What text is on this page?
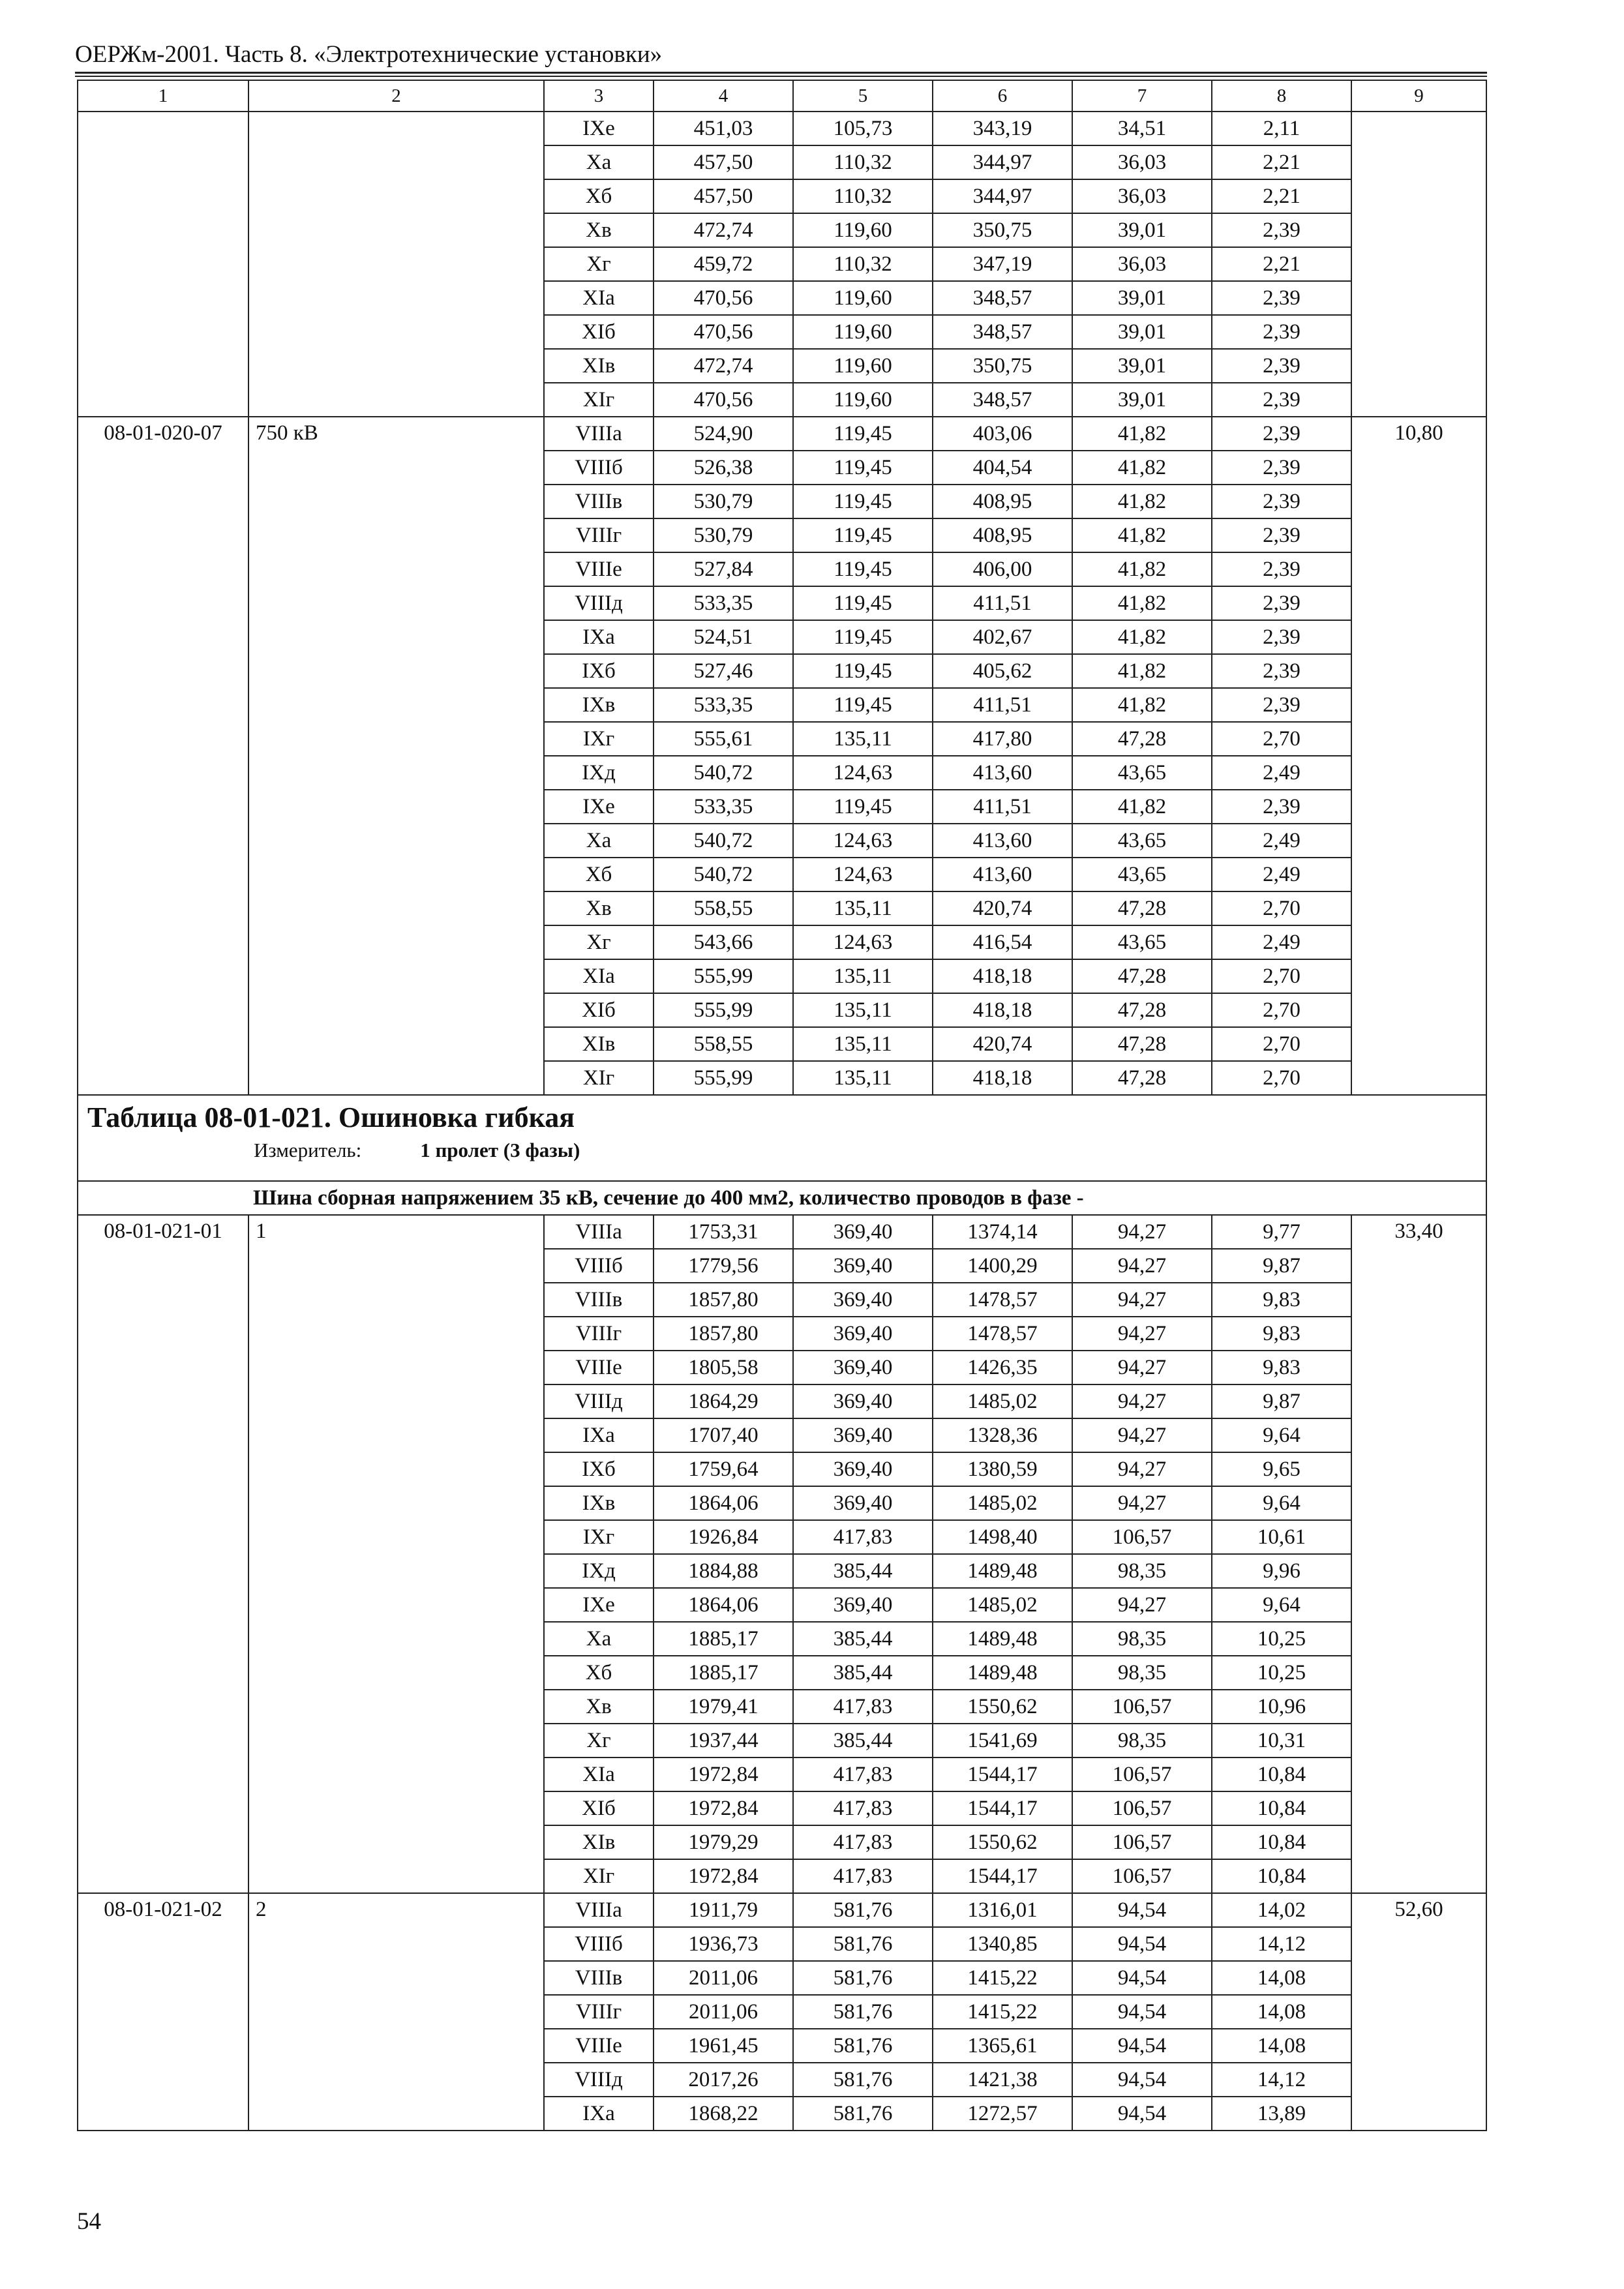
ОЕРЖм-2001. Часть 8. «Электротехнические установки»
1	2	3	4	5	6	7	8	9
		IXe	451,03	105,73	343,19	34,51	2,11	
		Xa	457,50	110,32	344,97	36,03	2,21	
		Xб	457,50	110,32	344,97	36,03	2,21	
		Xв	472,74	119,60	350,75	39,01	2,39	
		Xг	459,72	110,32	347,19	36,03	2,21	
		XIa	470,56	119,60	348,57	39,01	2,39	
		XIб	470,56	119,60	348,57	39,01	2,39	
		XIв	472,74	119,60	350,75	39,01	2,39	
		XIг	470,56	119,60	348,57	39,01	2,39	
08-01-020-07	750 кВ	VIIIa	524,90	119,45	403,06	41,82	2,39	10,80
		VIIIб	526,38	119,45	404,54	41,82	2,39	
		VIIIв	530,79	119,45	408,95	41,82	2,39	
		VIIIг	530,79	119,45	408,95	41,82	2,39	
		VIIIe	527,84	119,45	406,00	41,82	2,39	
		VIIIд	533,35	119,45	411,51	41,82	2,39	
		IXa	524,51	119,45	402,67	41,82	2,39	
		IXб	527,46	119,45	405,62	41,82	2,39	
		IXв	533,35	119,45	411,51	41,82	2,39	
		IXг	555,61	135,11	417,80	47,28	2,70	
		IXд	540,72	124,63	413,60	43,65	2,49	
		IXe	533,35	119,45	411,51	41,82	2,39	
		Xa	540,72	124,63	413,60	43,65	2,49	
		Xб	540,72	124,63	413,60	43,65	2,49	
		Xв	558,55	135,11	420,74	47,28	2,70	
		Xг	543,66	124,63	416,54	43,65	2,49	
		XIa	555,99	135,11	418,18	47,28	2,70	
		XIб	555,99	135,11	418,18	47,28	2,70	
		XIв	558,55	135,11	420,74	47,28	2,70	
		XIг	555,99	135,11	418,18	47,28	2,70	

Таблица 08-01-021. Ошиновка гибкая
Измеритель: 1 пролет (3 фазы)								

Шина сборная напряжением 35 кВ, сечение до 400 мм2, количество проводов в фазе -								
08-01-021-01	1	VIIIa	1753,31	369,40	1374,14	94,27	9,77	33,40
		VIIIб	1779,56	369,40	1400,29	94,27	9,87	
		VIIIв	1857,80	369,40	1478,57	94,27	9,83	
		VIIIг	1857,80	369,40	1478,57	94,27	9,83	
		VIIIe	1805,58	369,40	1426,35	94,27	9,83	
		VIIIд	1864,29	369,40	1485,02	94,27	9,87	
		IXa	1707,40	369,40	1328,36	94,27	9,64	
		IXб	1759,64	369,40	1380,59	94,27	9,65	
		IXв	1864,06	369,40	1485,02	94,27	9,64	
		IXг	1926,84	417,83	1498,40	106,57	10,61	
		IXд	1884,88	385,44	1489,48	98,35	9,96	
		IXe	1864,06	369,40	1485,02	94,27	9,64	
		Xa	1885,17	385,44	1489,48	98,35	10,25	
		Xб	1885,17	385,44	1489,48	98,35	10,25	
		Xв	1979,41	417,83	1550,62	106,57	10,96	
		Xг	1937,44	385,44	1541,69	98,35	10,31	
		XIa	1972,84	417,83	1544,17	106,57	10,84	
		XIб	1972,84	417,83	1544,17	106,57	10,84	
		XIв	1979,29	417,83	1550,62	106,57	10,84	
		XIг	1972,84	417,83	1544,17	106,57	10,84	
08-01-021-02	2	VIIIa	1911,79	581,76	1316,01	94,54	14,02	52,60
		VIIIб	1936,73	581,76	1340,85	94,54	14,12	
		VIIIв	2011,06	581,76	1415,22	94,54	14,08	
		VIIIг	2011,06	581,76	1415,22	94,54	14,08	
		VIIIe	1961,45	581,76	1365,61	94,54	14,08	
		VIIIд	2017,26	581,76	1421,38	94,54	14,12	
		IXa	1868,22	581,76	1272,57	94,54	13,89	
54
